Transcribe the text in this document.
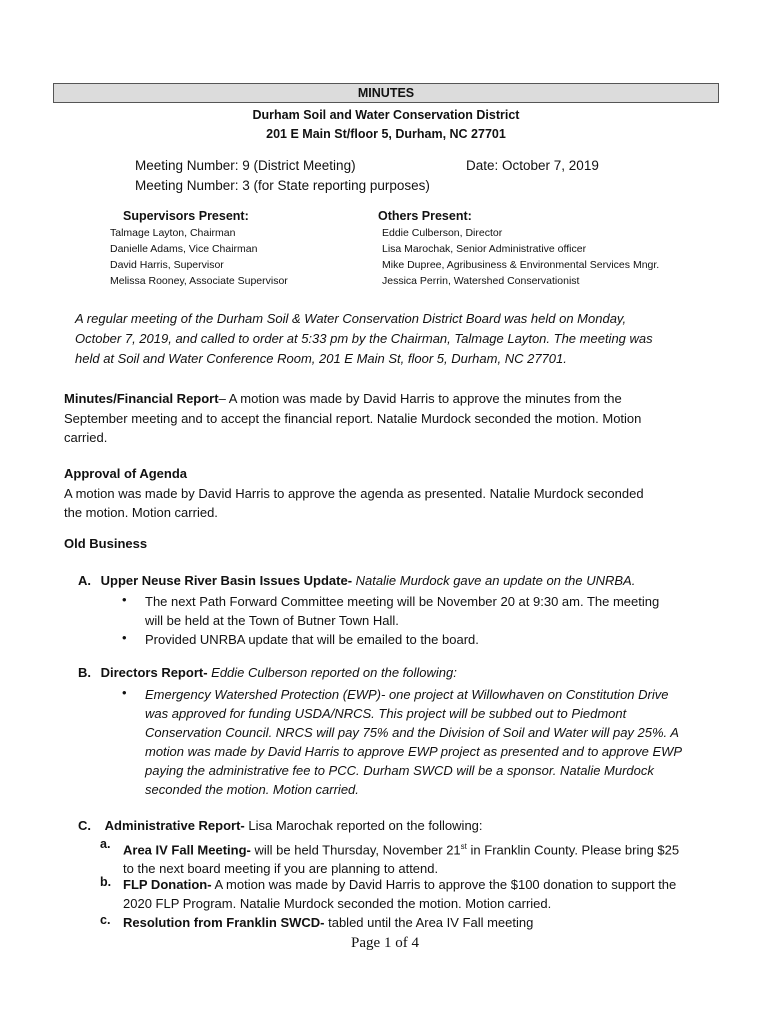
MINUTES
Durham Soil and Water Conservation District
201 E Main St/floor 5, Durham, NC 27701
Meeting Number: 9 (District Meeting)	Date: October 7, 2019
Meeting Number: 3 (for State reporting purposes)
Supervisors Present:
Talmage Layton, Chairman
Danielle Adams, Vice Chairman
David Harris, Supervisor
Melissa Rooney, Associate Supervisor
Others Present:
Eddie Culberson, Director
Lisa Marochak, Senior Administrative officer
Mike Dupree, Agribusiness & Environmental Services Mngr.
Jessica Perrin, Watershed Conservationist
A regular meeting of the Durham Soil & Water Conservation District Board was held on Monday,
October 7, 2019, and called to order at 5:33 pm by the Chairman, Talmage Layton. The meeting was
held at Soil and Water Conference Room, 201 E Main St, floor 5, Durham, NC 27701.
Minutes/Financial Report– A motion was made by David Harris to approve the minutes from the
September meeting and to accept the financial report. Natalie Murdock seconded the motion. Motion
carried.
Approval of Agenda
A motion was made by David Harris to approve the agenda as presented. Natalie Murdock seconded
the motion. Motion carried.
Old Business
A. Upper Neuse River Basin Issues Update- Natalie Murdock gave an update on the UNRBA.
• The next Path Forward Committee meeting will be November 20 at 9:30 am. The meeting
will be held at the Town of Butner Town Hall.
• Provided UNRBA update that will be emailed to the board.
B. Directors Report- Eddie Culberson reported on the following:
• Emergency Watershed Protection (EWP)- one project at Willowhaven on Constitution Drive
was approved for funding USDA/NRCS. This project will be subbed out to Piedmont
Conservation Council. NRCS will pay 75% and the Division of Soil and Water will pay 25%. A
motion was made by David Harris to approve EWP project as presented and to approve EWP
paying the administrative fee to PCC. Durham SWCD will be a sponsor. Natalie Murdock
seconded the motion. Motion carried.
C. Administrative Report- Lisa Marochak reported on the following:
a. Area IV Fall Meeting- will be held Thursday, November 21st in Franklin County. Please bring $25
to the next board meeting if you are planning to attend.
b. FLP Donation- A motion was made by David Harris to approve the $100 donation to support the
2020 FLP Program. Natalie Murdock seconded the motion. Motion carried.
c. Resolution from Franklin SWCD- tabled until the Area IV Fall meeting
Page 1 of 4
